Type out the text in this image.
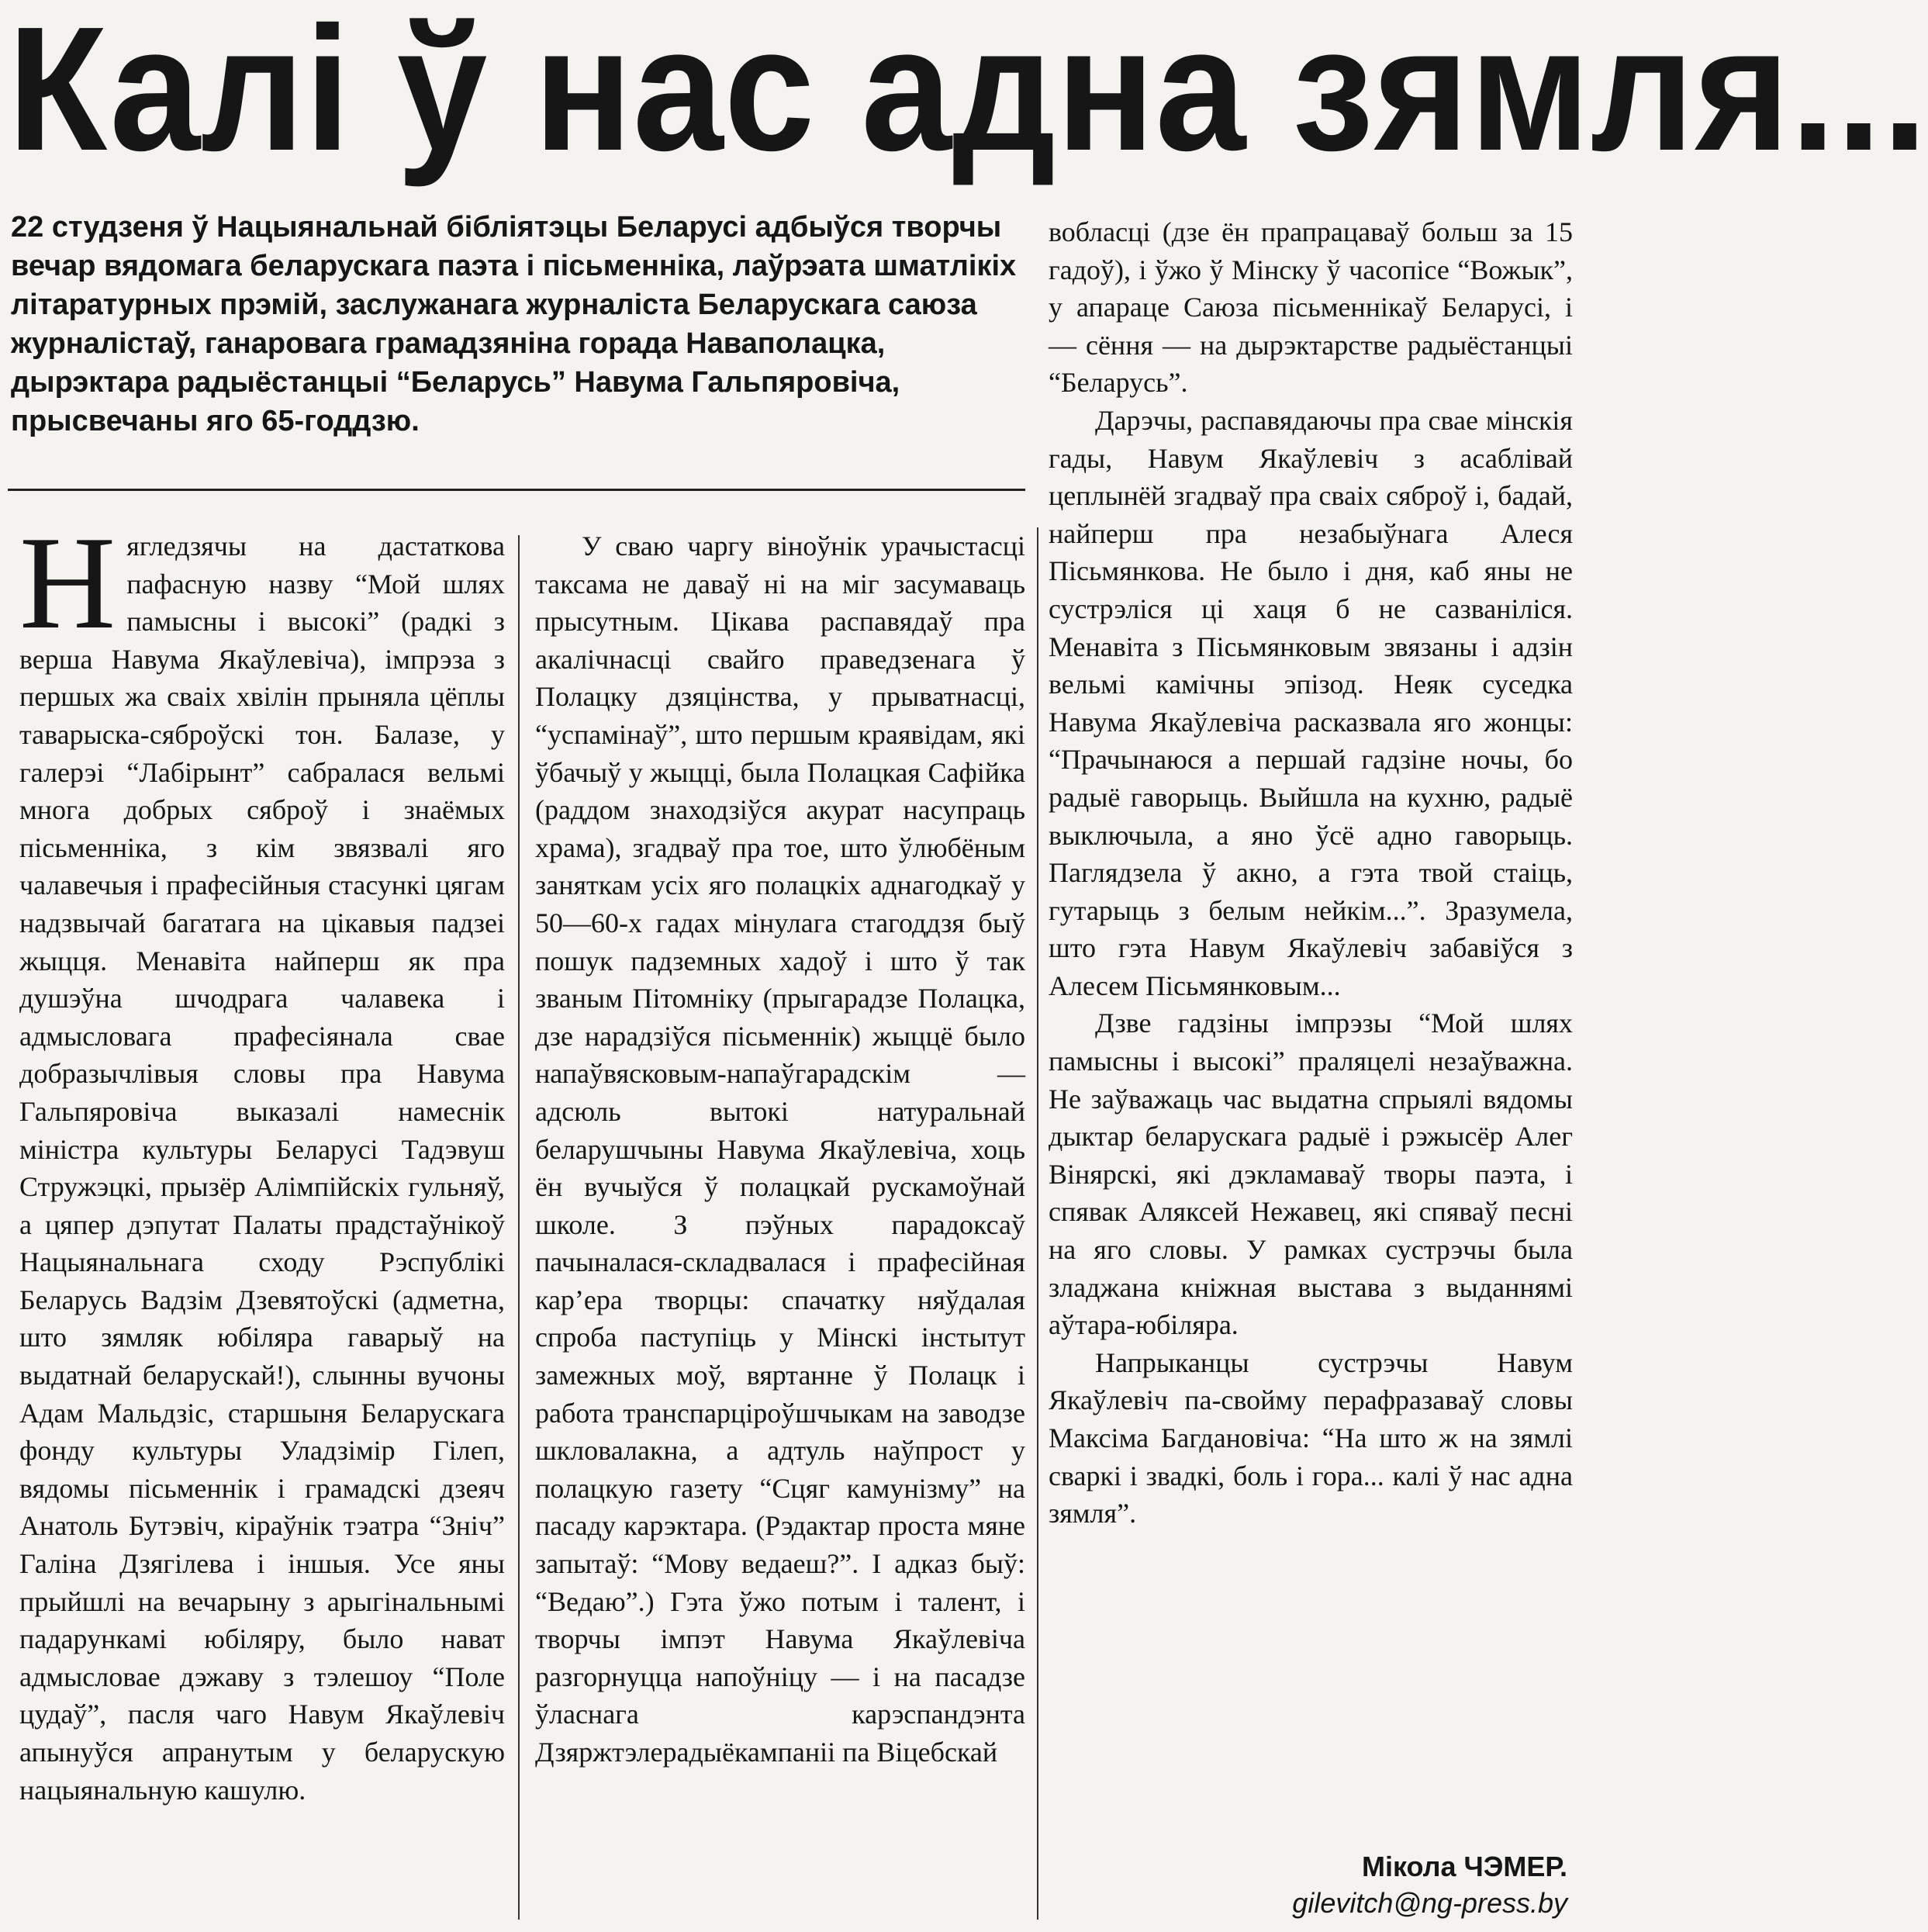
Калі ў нас адна зямля...

22 студзеня ў Нацыянальнай бібліятэцы Беларусі адбыўся творчы вечар вядомага беларускага паэта і пісьменніка, лаўрэата шматлікіх літаратурных прэмій, заслужанага журналіста Беларускага саюза журналістаў, ганаровага грамадзяніна горада Наваполацка, дырэктара радыёстанцыі “Беларусь” Навума Гальпяровіча, прысвечаны яго 65-годдзю.

Нягледзячы на дастаткова пафасную назву “Мой шлях памысны і высокі” (радкі з верша Навума Якаўлевіча), імпрэза з першых жа сваіх хвілін прыняла цёплы таварыска-сяброўскі тон. Балазе, у галерэі “Лабірынт” сабралася вельмі многа добрых сяброў і знаёмых пісьменніка, з кім звязвалі яго чалавечыя і прафесійныя стасункі цягам надзвычай багатага на цікавыя падзеі жыцця. Менавіта найперш як пра душэўна шчодрага чалавека і адмысловага прафесіянала свае добразычлівыя словы пра Навума Гальпяровіча выказалі намеснік міністра культуры Беларусі Тадэвуш Стружэцкі, прызёр Алімпійскіх гульняў, а цяпер дэпутат Палаты прадстаўнікоў Нацыянальнага сходу Рэспублікі Беларусь Вадзім Дзевятоўскі (адметна, што зямляк юбіляра гаварыў на выдатнай беларускай!), слынны вучоны Адам Мальдзіс, старшыня Беларускага фонду культуры Уладзімір Гілеп, вядомы пісьменнік і грамадскі дзеяч Анатоль Бутэвіч, кіраўнік тэатра “Зніч” Галіна Дзягілева і іншыя. Усе яны прыйшлі на вечарыну з арыгінальнымі падарункамі юбіляру, было нават адмысловае дэжаву з тэлешоу “Поле цудаў”, пасля чаго Навум Якаўлевіч апынуўся апранутым у беларускую нацыянальную кашулю.

У сваю чаргу віноўнік урачыстасці таксама не даваў ні на міг засумаваць прысутным. Цікава распавядаў пра акалічнасці свайго праведзенага ў Полацку дзяцінства, у прыватнасці, “успамінаў”, што першым краявідам, які ўбачыў у жыцці, была Полацкая Сафійка (раддом знаходзіўся акурат насупраць храма), згадваў пра тое, што ўлюбёным заняткам усіх яго полацкіх аднагодкаў у 50—60-х гадах мінулага стагоддзя быў пошук падземных хадоў і што ў так званым Пітомніку (прыгарадзе Полацка, дзе нарадзіўся пісьменнік) жыццё было напаўвясковым-напаўгарадскім — адсюль вытокі натуральнай беларушчыны Навума Якаўлевіча, хоць ён вучыўся ў полацкай рускамоўнай школе. З пэўных парадоксаў пачыналася-складвалася і прафесійная кар’ера творцы: спачатку няўдалая спроба паступіць у Мінскі інстытут замежных моў, вяртанне ў Полацк і работа транспарціроўшчыкам на заводзе шкловалакна, а адтуль наўпрост у полацкую газету “Сцяг камунізму” на пасаду карэктара. (Рэдактар проста мяне запытаў: “Мову ведаеш?”. І адказ быў: “Ведаю”.) Гэта ўжо потым і талент, і творчы імпэт Навума Якаўлевіча разгорнуцца напоўніцу — і на пасадзе ўласнага карэспандэнта Дзяржтэлерадыёкампаніі па Віцебскай

вобласці (дзе ён прапрацаваў больш за 15 гадоў), і ўжо ў Мінску ў часопісе “Вожык”, у апараце Саюза пісьменнікаў Беларусі, і — сёння — на дырэктарстве радыёстанцыі “Беларусь”.

Дарэчы, распавядаючы пра свае мінскія гады, Навум Якаўлевіч з асаблівай цеплынёй згадваў пра сваіх сяброў і, бадай, найперш пра незабыўнага Алеся Пісьмянкова. Не было і дня, каб яны не сустрэліся ці хаця б не сазваніліся. Менавіта з Пісьмянковым звязаны і адзін вельмі камічны эпізод. Неяк суседка Навума Якаўлевіча расказвала яго жонцы: “Прачынаюся а першай гадзіне ночы, бо радыё гаворыць. Выйшла на кухню, радыё выключыла, а яно ўсё адно гаворыць. Паглядзела ў акно, а гэта твой стаіць, гутарыць з белым нейкім...”. Зразумела, што гэта Навум Якаўлевіч забавіўся з Алесем Пісьмянковым...

Дзве гадзіны імпрэзы “Мой шлях памысны і высокі” праляцелі незаўважна. Не заўважаць час выдатна спрыялі вядомы дыктар беларускага радыё і рэжысёр Алег Вінярскі, які дэкламаваў творы паэта, і спявак Аляксей Нежавец, які спяваў песні на яго словы. У рамках сустрэчы была зладжана кніжная выстава з выданнямі аўтара-юбіляра.

Напрыканцы сустрэчы Навум Якаўлевіч па-свойму перафразаваў словы Максіма Багдановіча: “На што ж на зямлі сваркі і звадкі, боль і гора... калі ў нас адна зямля”.

Мікола ЧЭМЕР.
gilevitch@ng-press.by
